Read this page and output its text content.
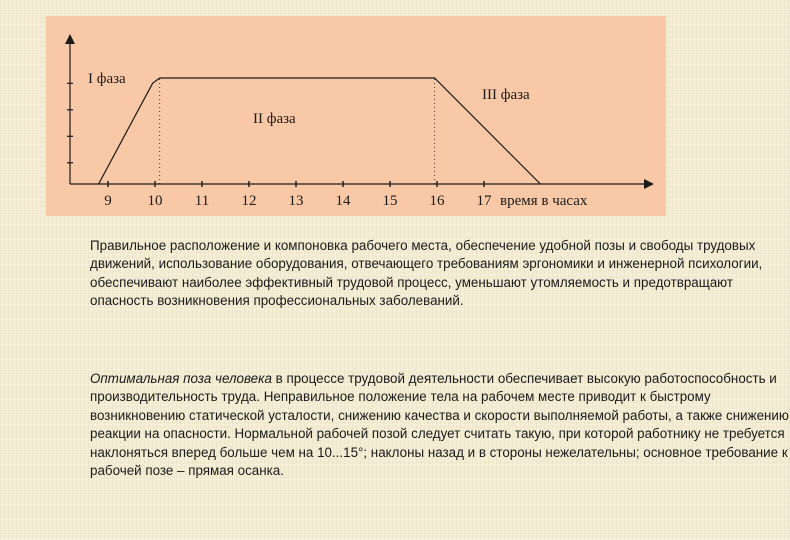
9 10 11 12 13 14 15 16 17
I фаза
II фаза
III фаза
время в часах

Правильное расположение и компоновка рабочего места, обеспечение удобной позы и свободы трудовых движений, использование оборудования, отвечающего требованиям эргономики и инженерной психологии, обеспечивают наиболее эффективный трудовой процесс, уменьшают утомляемость и предотвращают опасность возникновения профессиональных заболеваний.

Оптимальная поза человека в процессе трудовой деятельности обеспечивает высокую работоспособность и производительность труда. Неправильное положение тела на рабочем месте приводит к быстрому возникновению статической усталости, снижению качества и скорости выполняемой работы, а также снижению реакции на опасности. Нормальной рабочей позой следует считать такую, при которой работнику не требуется наклоняться вперед больше чем на 10...15°; наклоны назад и в стороны нежелательны; основное требование к рабочей позе – прямая осанка.
